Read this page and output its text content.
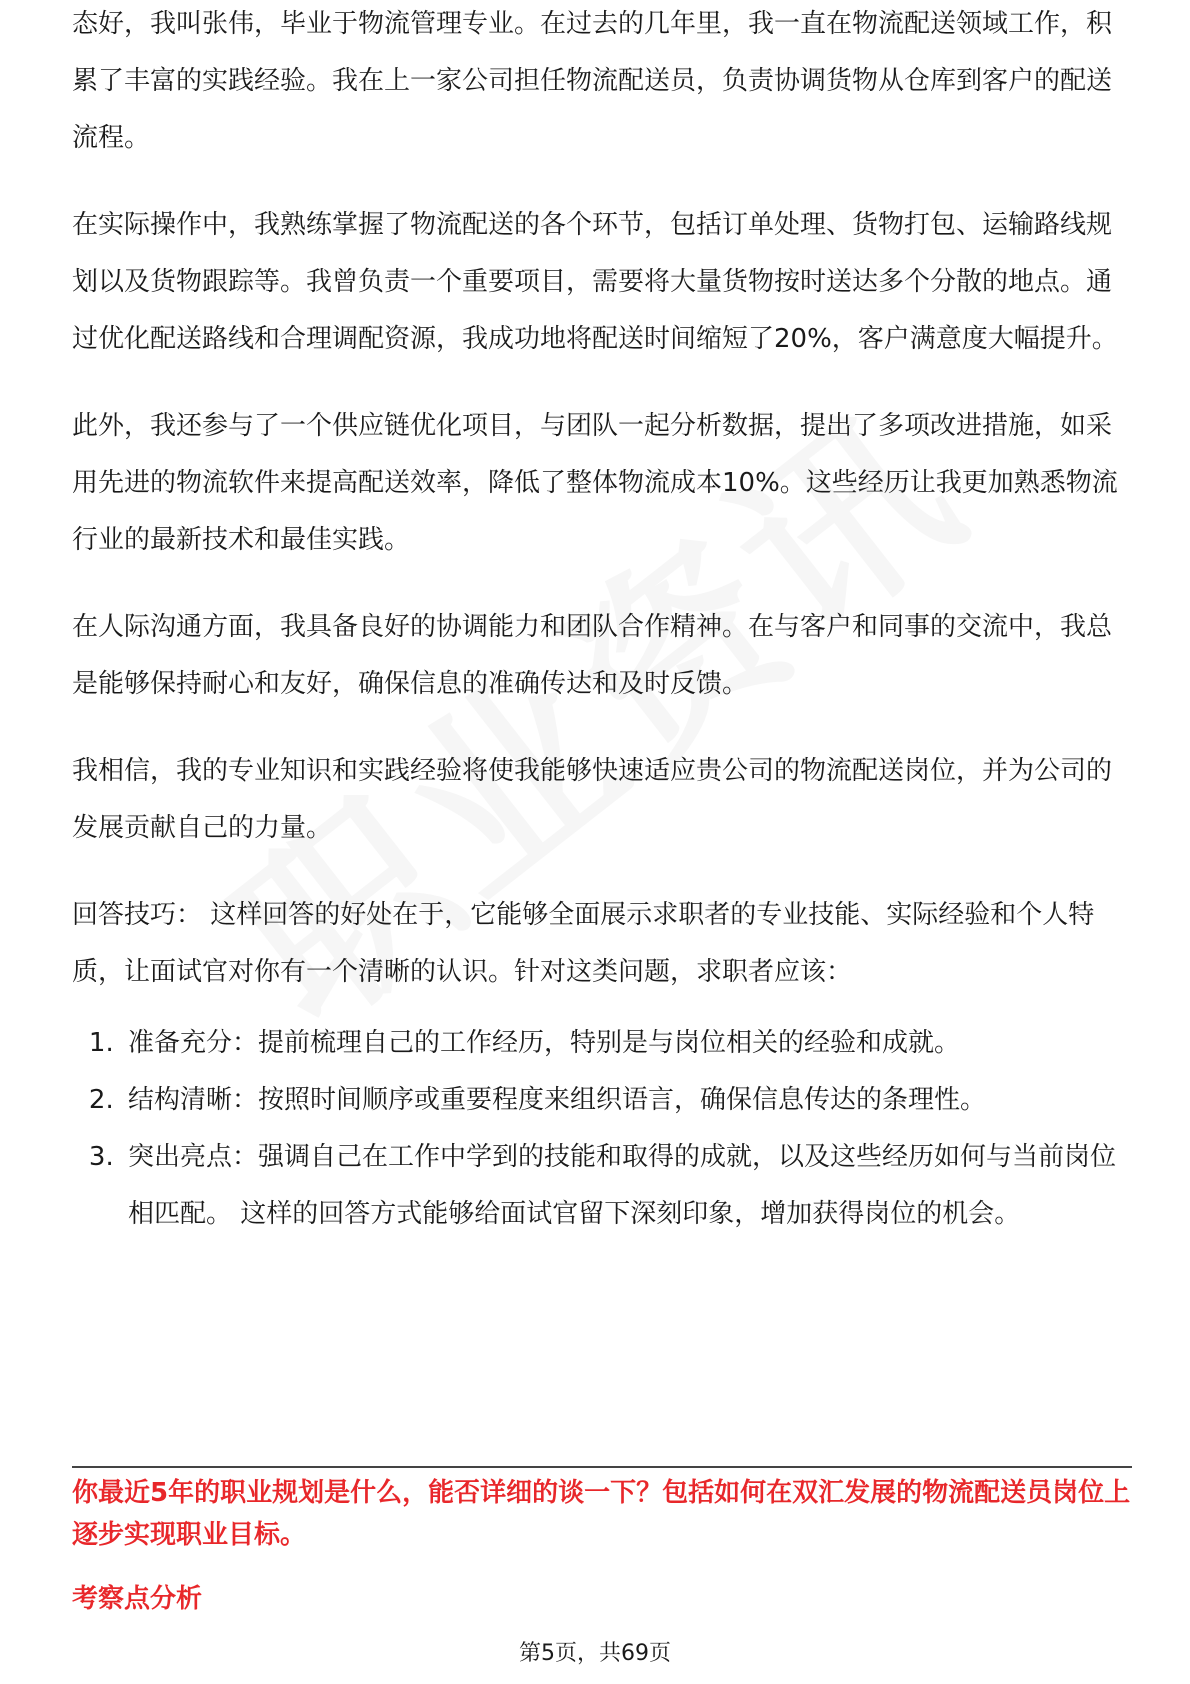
态好，我叫张伟，毕业于物流管理专业。在过去的几年里，我一直在物流配送领域工作，积累了丰富的实践经验。我在上一家公司担任物流配送员，负责协调货物从仓库到客户的配送流程。

在实际操作中，我熟练掌握了物流配送的各个环节，包括订单处理、货物打包、运输路线规划以及货物跟踪等。我曾负责一个重要项目，需要将大量货物按时送达多个分散的地点。通过优化配送路线和合理调配资源，我成功地将配送时间缩短了20%，客户满意度大幅提升。

此外，我还参与了一个供应链优化项目，与团队一起分析数据，提出了多项改进措施，如采用先进的物流软件来提高配送效率，降低了整体物流成本10%。这些经历让我更加熟悉物流行业的最新技术和最佳实践。

在人际沟通方面，我具备良好的协调能力和团队合作精神。在与客户和同事的交流中，我总是能够保持耐心和友好，确保信息的准确传达和及时反馈。

我相信，我的专业知识和实践经验将使我能够快速适应贵公司的物流配送岗位，并为公司的发展贡献自己的力量。

回答技巧： 这样回答的好处在于，它能够全面展示求职者的专业技能、实际经验和个人特质，让面试官对你有一个清晰的认识。针对这类问题，求职者应该：

1. 准备充分：提前梳理自己的工作经历，特别是与岗位相关的经验和成就。
2. 结构清晰：按照时间顺序或重要程度来组织语言，确保信息传达的条理性。
3. 突出亮点：强调自己在工作中学到的技能和取得的成就，以及这些经历如何与当前岗位相匹配。 这样的回答方式能够给面试官留下深刻印象，增加获得岗位的机会。

你最近5年的职业规划是什么，能否详细的谈一下？包括如何在双汇发展的物流配送员岗位上逐步实现职业目标。

考察点分析

第5页，共69页
